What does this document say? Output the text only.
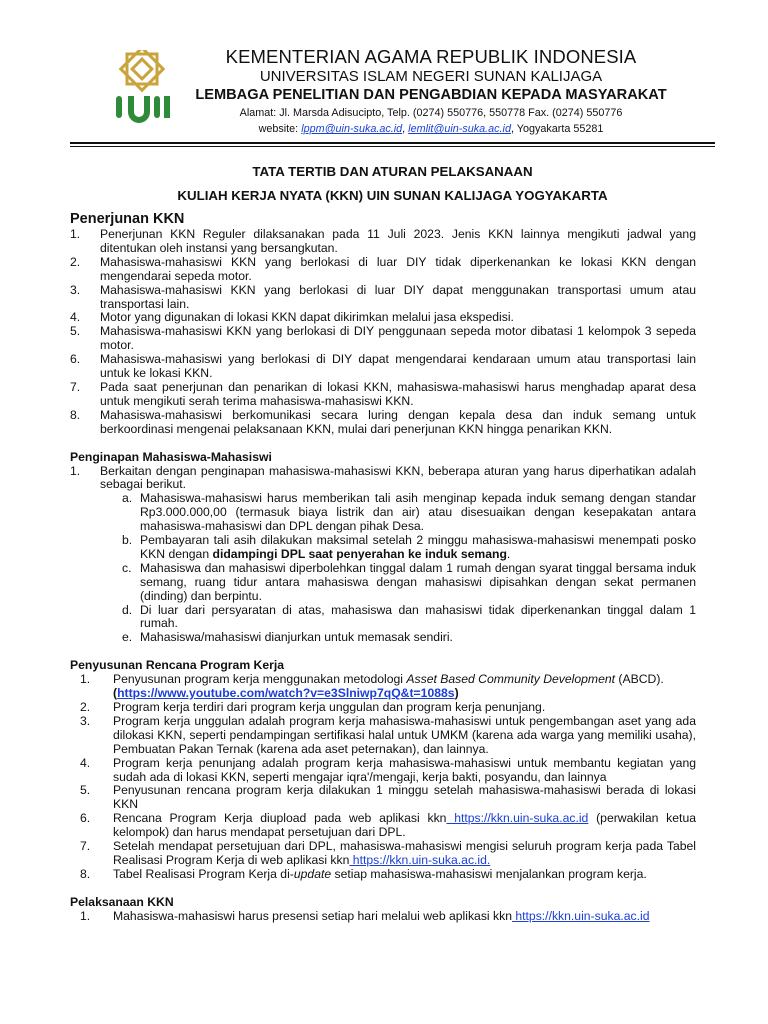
KEMENTERIAN AGAMA REPUBLIK INDONESIA
UNIVERSITAS ISLAM NEGERI SUNAN KALIJAGA
LEMBAGA PENELITIAN DAN PENGABDIAN KEPADA MASYARAKAT
Alamat: Jl. Marsda Adisucipto, Telp. (0274) 550776, 550778 Fax. (0274) 550776
website: lppm@uin-suka.ac.id, lemlit@uin-suka.ac.id, Yogyakarta 55281
TATA TERTIB DAN ATURAN PELAKSANAAN
KULIAH KERJA NYATA (KKN) UIN SUNAN KALIJAGA YOGYAKARTA
Penerjunan KKN
1.	Penerjunan KKN Reguler dilaksanakan pada 11 Juli 2023. Jenis KKN lainnya mengikuti jadwal yang ditentukan oleh instansi yang bersangkutan.
2.	Mahasiswa-mahasiswi KKN yang berlokasi di luar DIY tidak diperkenankan ke lokasi KKN dengan mengendarai sepeda motor.
3.	Mahasiswa-mahasiswi KKN yang berlokasi di luar DIY dapat menggunakan transportasi umum atau transportasi lain.
4.	Motor yang digunakan di lokasi KKN dapat dikirimkan melalui jasa ekspedisi.
5.	Mahasiswa-mahasiswi KKN yang berlokasi di DIY penggunaan sepeda motor dibatasi 1 kelompok 3 sepeda motor.
6.	Mahasiswa-mahasiswi yang berlokasi di DIY dapat mengendarai kendaraan umum atau transportasi lain untuk ke lokasi KKN.
7.	Pada saat penerjunan dan penarikan di lokasi KKN, mahasiswa-mahasiswi harus menghadap aparat desa untuk mengikuti serah terima mahasiswa-mahasiswi KKN.
8.	Mahasiswa-mahasiswi berkomunikasi secara luring dengan kepala desa dan induk semang untuk berkoordinasi mengenai pelaksanaan KKN, mulai dari penerjunan KKN hingga penarikan KKN.
Penginapan Mahasiswa-Mahasiswi
1.	Berkaitan dengan penginapan mahasiswa-mahasiswi KKN, beberapa aturan yang harus diperhatikan adalah sebagai berikut.
a. Mahasiswa-mahasiswi harus memberikan tali asih menginap kepada induk semang dengan standar Rp3.000.000,00 (termasuk biaya listrik dan air) atau disesuaikan dengan kesepakatan antara mahasiswa-mahasiswi dan DPL dengan pihak Desa.
b. Pembayaran tali asih dilakukan maksimal setelah 2 minggu mahasiswa-mahasiswi menempati posko KKN dengan didampingi DPL saat penyerahan ke induk semang.
c. Mahasiswa dan mahasiswi diperbolehkan tinggal dalam 1 rumah dengan syarat tinggal bersama induk semang, ruang tidur antara mahasiswa dengan mahasiswi dipisahkan dengan sekat permanen (dinding) dan berpintu.
d. Di luar dari persyaratan di atas, mahasiswa dan mahasiswi tidak diperkenankan tinggal dalam 1 rumah.
e. Mahasiswa/mahasiswi dianjurkan untuk memasak sendiri.
Penyusunan Rencana Program Kerja
1.	Penyusunan program kerja menggunakan metodologi Asset Based Community Development (ABCD).
(https://www.youtube.com/watch?v=e3Slniwp7qQ&t=1088s)
2.	Program kerja terdiri dari program kerja unggulan dan program kerja penunjang.
3.	Program kerja unggulan adalah program kerja mahasiswa-mahasiswi untuk pengembangan aset yang ada dilokasi KKN, seperti pendampingan sertifikasi halal untuk UMKM (karena ada warga yang memiliki usaha), Pembuatan Pakan Ternak (karena ada aset peternakan), dan lainnya.
4.	Program kerja penunjang adalah program kerja mahasiswa-mahasiswi untuk membantu kegiatan yang sudah ada di lokasi KKN, seperti mengajar iqra'/mengaji, kerja bakti, posyandu, dan lainnya
5.	Penyusunan rencana program kerja dilakukan 1 minggu setelah mahasiswa-mahasiswi berada di lokasi KKN
6.	Rencana Program Kerja diupload pada web aplikasi kkn https://kkn.uin-suka.ac.id (perwakilan ketua kelompok) dan harus mendapat persetujuan dari DPL.
7.	Setelah mendapat persetujuan dari DPL, mahasiswa-mahasiswi mengisi seluruh program kerja pada Tabel Realisasi Program Kerja di web aplikasi kkn https://kkn.uin-suka.ac.id.
8.	Tabel Realisasi Program Kerja di-update setiap mahasiswa-mahasiswi menjalankan program kerja.
Pelaksanaan KKN
1.	Mahasiswa-mahasiswi harus presensi setiap hari melalui web aplikasi kkn https://kkn.uin-suka.ac.id
